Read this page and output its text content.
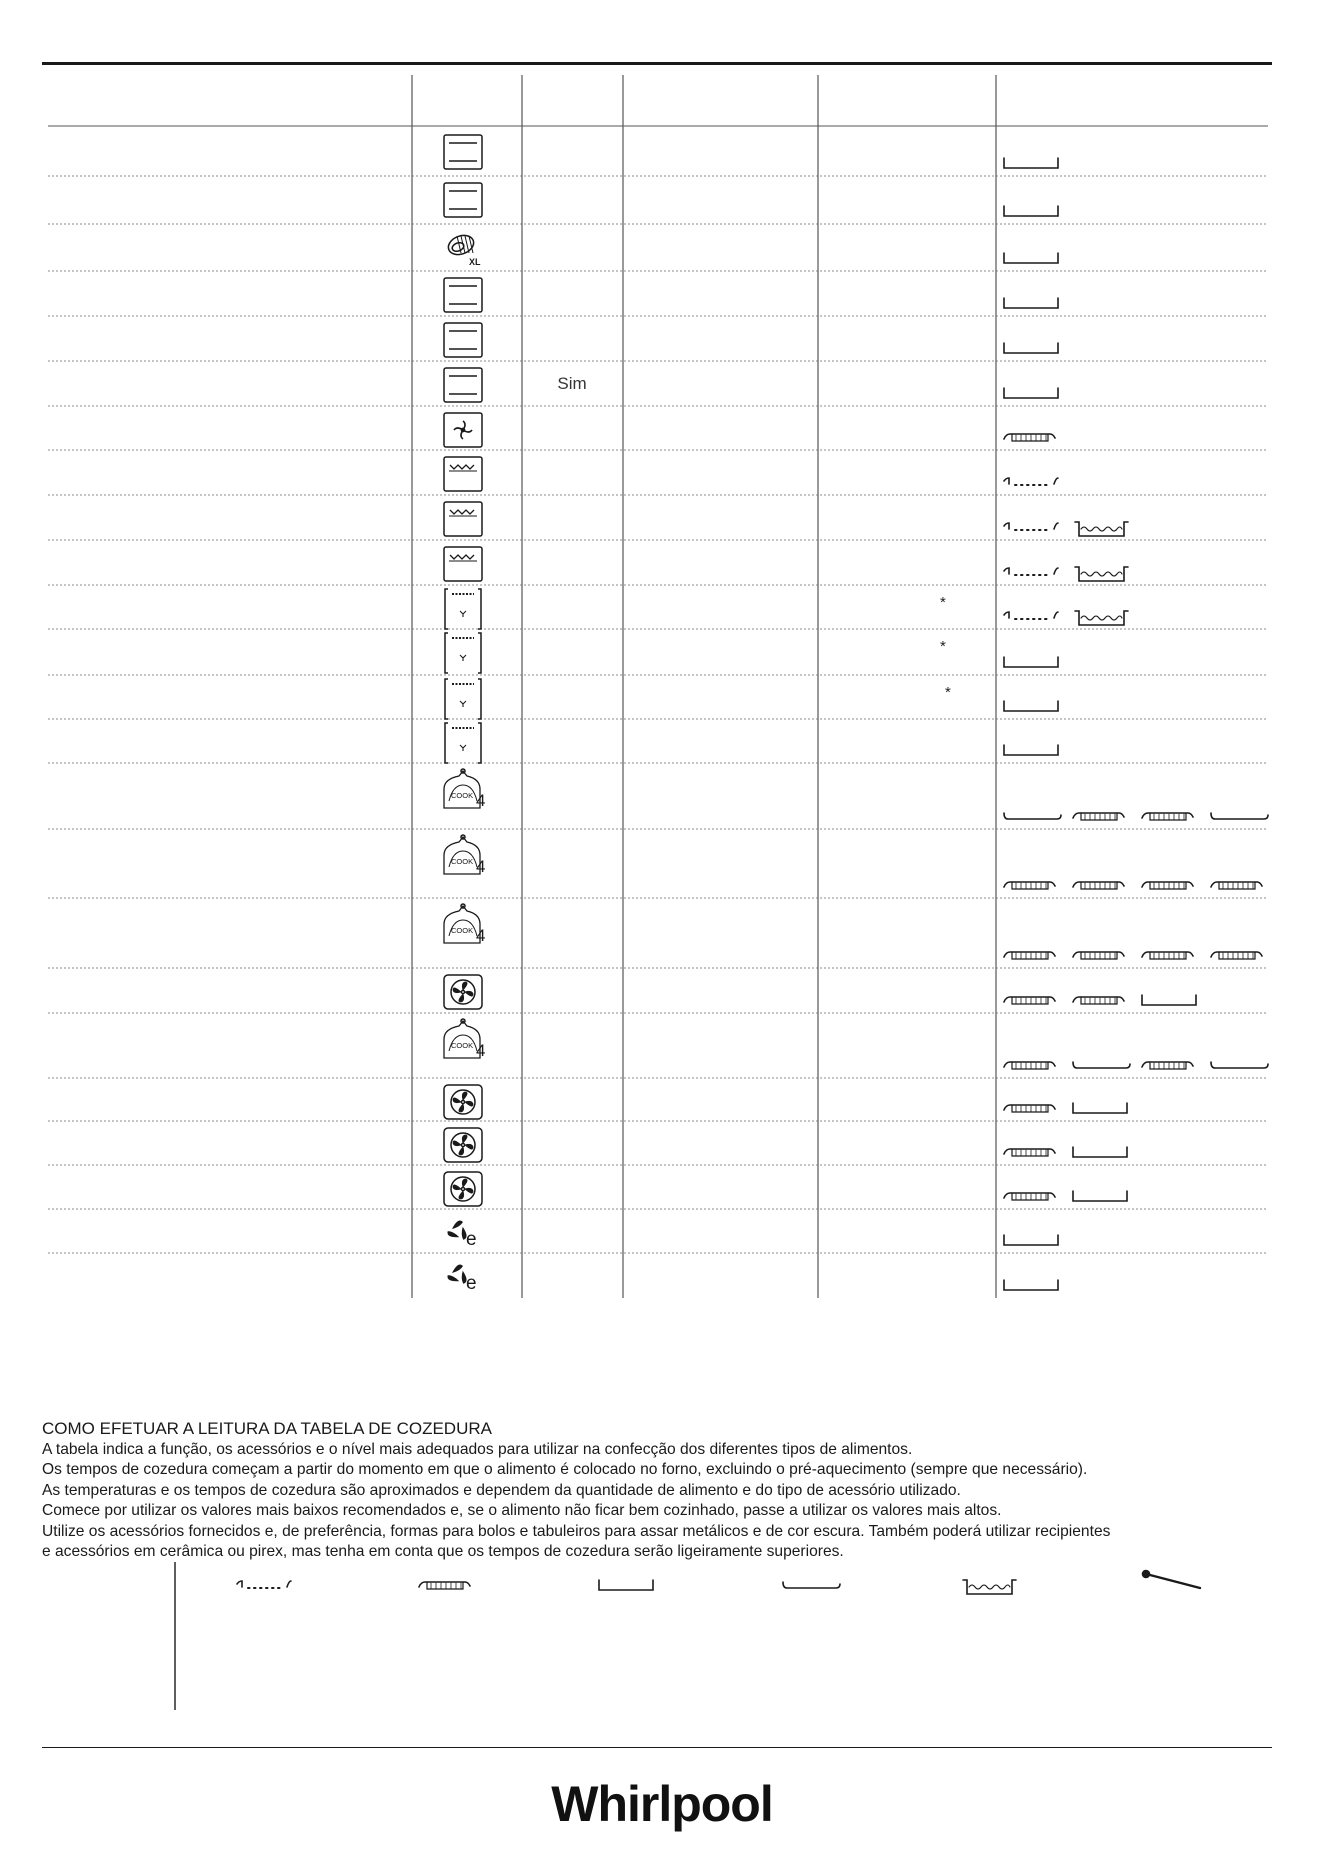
XL
Sim
*
*
*
COOK 4
COOK 4
COOK 4
COOK 4
e
e
COMO EFETUAR A LEITURA DA TABELA DE COZEDURA
A tabela indica a função, os acessórios e o nível mais adequados para utilizar na confecção dos diferentes tipos de alimentos.
Os tempos de cozedura começam a partir do momento em que o alimento é colocado no forno, excluindo o pré-aquecimento (sempre que necessário).
As temperaturas e os tempos de cozedura são aproximados e dependem da quantidade de alimento e do tipo de acessório utilizado.
Comece por utilizar os valores mais baixos recomendados e, se o alimento não ficar bem cozinhado, passe a utilizar os valores mais altos.
Utilize os acessórios fornecidos e, de preferência, formas para bolos e tabuleiros para assar metálicos e de cor escura. Também poderá utilizar recipientes
e acessórios em cerâmica ou pirex, mas tenha em conta que os tempos de cozedura serão ligeiramente superiores.
Whirlpool
